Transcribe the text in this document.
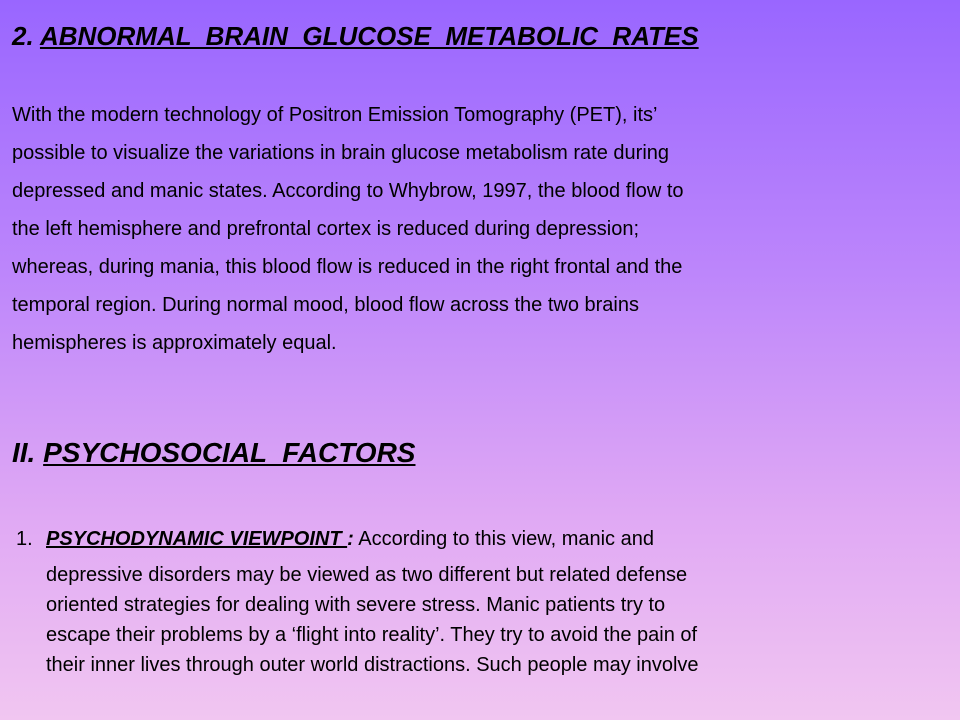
2. ABNORMAL  BRAIN  GLUCOSE  METABOLIC  RATES
With the modern technology of Positron Emission Tomography (PET), its’
possible to visualize the variations in brain glucose metabolism rate during
depressed and manic states. According to Whybrow, 1997, the blood flow to
the left hemisphere and prefrontal cortex is reduced during depression;
whereas, during mania, this blood flow is reduced in the right frontal and the
temporal region. During normal mood, blood flow across the two brains
hemispheres is approximately equal.
II. PSYCHOSOCIAL  FACTORS
1. PSYCHODYNAMIC VIEWPOINT : According to this view, manic and
depressive disorders may be viewed as two different but related defense
oriented strategies for dealing with severe stress. Manic patients try to
escape their problems by a ‘flight into reality’. They try to avoid the pain of
their inner lives through outer world distractions. Such people may involve
